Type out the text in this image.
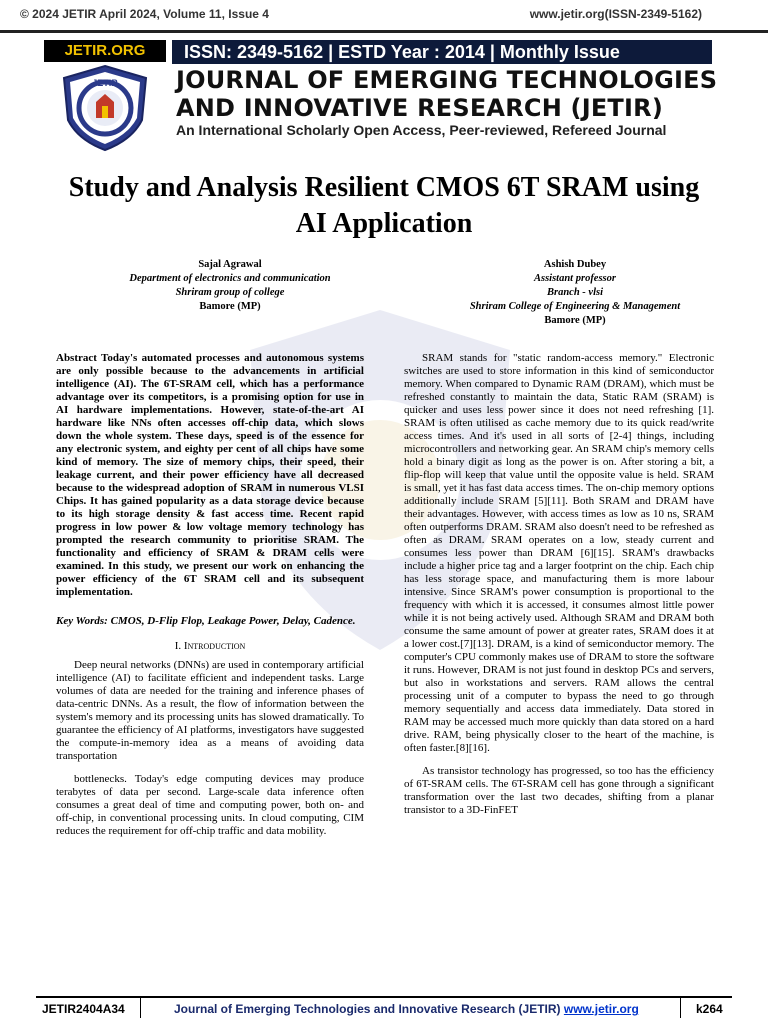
© 2024 JETIR April 2024, Volume 11, Issue 4	www.jetir.org(ISSN-2349-5162)
JETIR.ORG
JETIR
ISSN: 2349-5162 | ESTD Year : 2014 | Monthly Issue
JOURNAL OF EMERGING TECHNOLOGIES AND INNOVATIVE RESEARCH (JETIR)
An International Scholarly Open Access, Peer-reviewed, Refereed Journal
Study and Analysis Resilient CMOS 6T SRAM using AI Application
Sajal Agrawal
Department of electronics and communication
Shriram group of college
Bamore (MP)
Ashish Dubey
Assistant professor
Branch - vlsi
Shriram College of Engineering & Management
Bamore (MP)

Abstract Today's automated processes and autonomous systems are only possible because to the advancements in artificial intelligence (AI). The 6T-SRAM cell, which has a performance advantage over its competitors, is a promising option for use in AI hardware implementations. However, state-of-the-art AI hardware like NNs often accesses off-chip data, which slows down the whole system. These days, speed is of the essence for any electronic system, and eighty per cent of all chips have some kind of memory. The size of memory chips, their speed, their leakage current, and their power efficiency have all decreased because to the widespread adoption of SRAM in numerous VLSI Chips. It has gained popularity as a data storage device because to its high storage density & fast access time. Recent rapid progress in low power & low voltage memory technology has prompted the research community to prioritise SRAM. The functionality and efficiency of SRAM & DRAM cells were examined. In this study, we present our work on enhancing the power efficiency of the 6T SRAM cell and its subsequent implementation.

Key Words: CMOS, D-Flip Flop, Leakage Power, Delay, Cadence.

I. Introduction

Deep neural networks (DNNs) are used in contemporary artificial intelligence (AI) to facilitate efficient and independent tasks. Large volumes of data are needed for the training and inference phases of data-centric DNNs. As a result, the flow of information between the system's memory and its processing units has slowed dramatically. To guarantee the efficiency of AI platforms, investigators have suggested the compute-in-memory idea as a means of avoiding data transportation

bottlenecks. Today's edge computing devices may produce terabytes of data per second. Large-scale data inference often consumes a great deal of time and computing power, both on- and off-chip, in conventional processing units. In cloud computing, CIM reduces the requirement for off-chip traffic and data mobility.

SRAM stands for "static random-access memory." Electronic switches are used to store information in this kind of semiconductor memory. When compared to Dynamic RAM (DRAM), which must be refreshed constantly to maintain the data, Static RAM (SRAM) is quicker and uses less power since it does not need refreshing [1]. SRAM is often utilised as cache memory due to its quick read/write access times. And it's used in all sorts of [2-4] things, including microcontrollers and networking gear. An SRAM chip's memory cells hold a binary digit as long as the power is on. After storing a bit, a flip-flop will keep that value until the opposite value is held. SRAM is small, yet it has fast data access times. The on-chip memory options additionally include SRAM [5][11]. Both SRAM and DRAM have their advantages. However, with access times as low as 10 ns, SRAM often outperforms DRAM. SRAM also doesn't need to be refreshed as often as DRAM. SRAM operates on a low, steady current and consumes less power than DRAM [6][15]. SRAM's drawbacks include a higher price tag and a larger footprint on the chip. Each chip has less storage space, and manufacturing them is more labour intensive. Since SRAM's power consumption is proportional to the frequency with which it is accessed, it consumes almost little power while it is not being actively used. Although SRAM and DRAM both consume the same amount of power at greater rates, SRAM does it at a lower cost.[7][13]. DRAM, is a kind of semiconductor memory. The computer's CPU commonly makes use of DRAM to store the software it runs. However, DRAM is not just found in desktop PCs and servers, but also in workstations and servers. RAM allows the central processing unit of a computer to bypass the need to go through memory sequentially and access data immediately. Data stored in RAM may be accessed much more quickly than data stored on a hard drive. RAM, being physically closer to the heart of the machine, is often faster.[8][16].

As transistor technology has progressed, so too has the efficiency of 6T-SRAM cells. The 6T-SRAM cell has gone through a significant transformation over the last two decades, shifting from a planar transistor to a 3D-FinFET

JETIR2404A34	Journal of Emerging Technologies and Innovative Research (JETIR) www.jetir.org	k264
